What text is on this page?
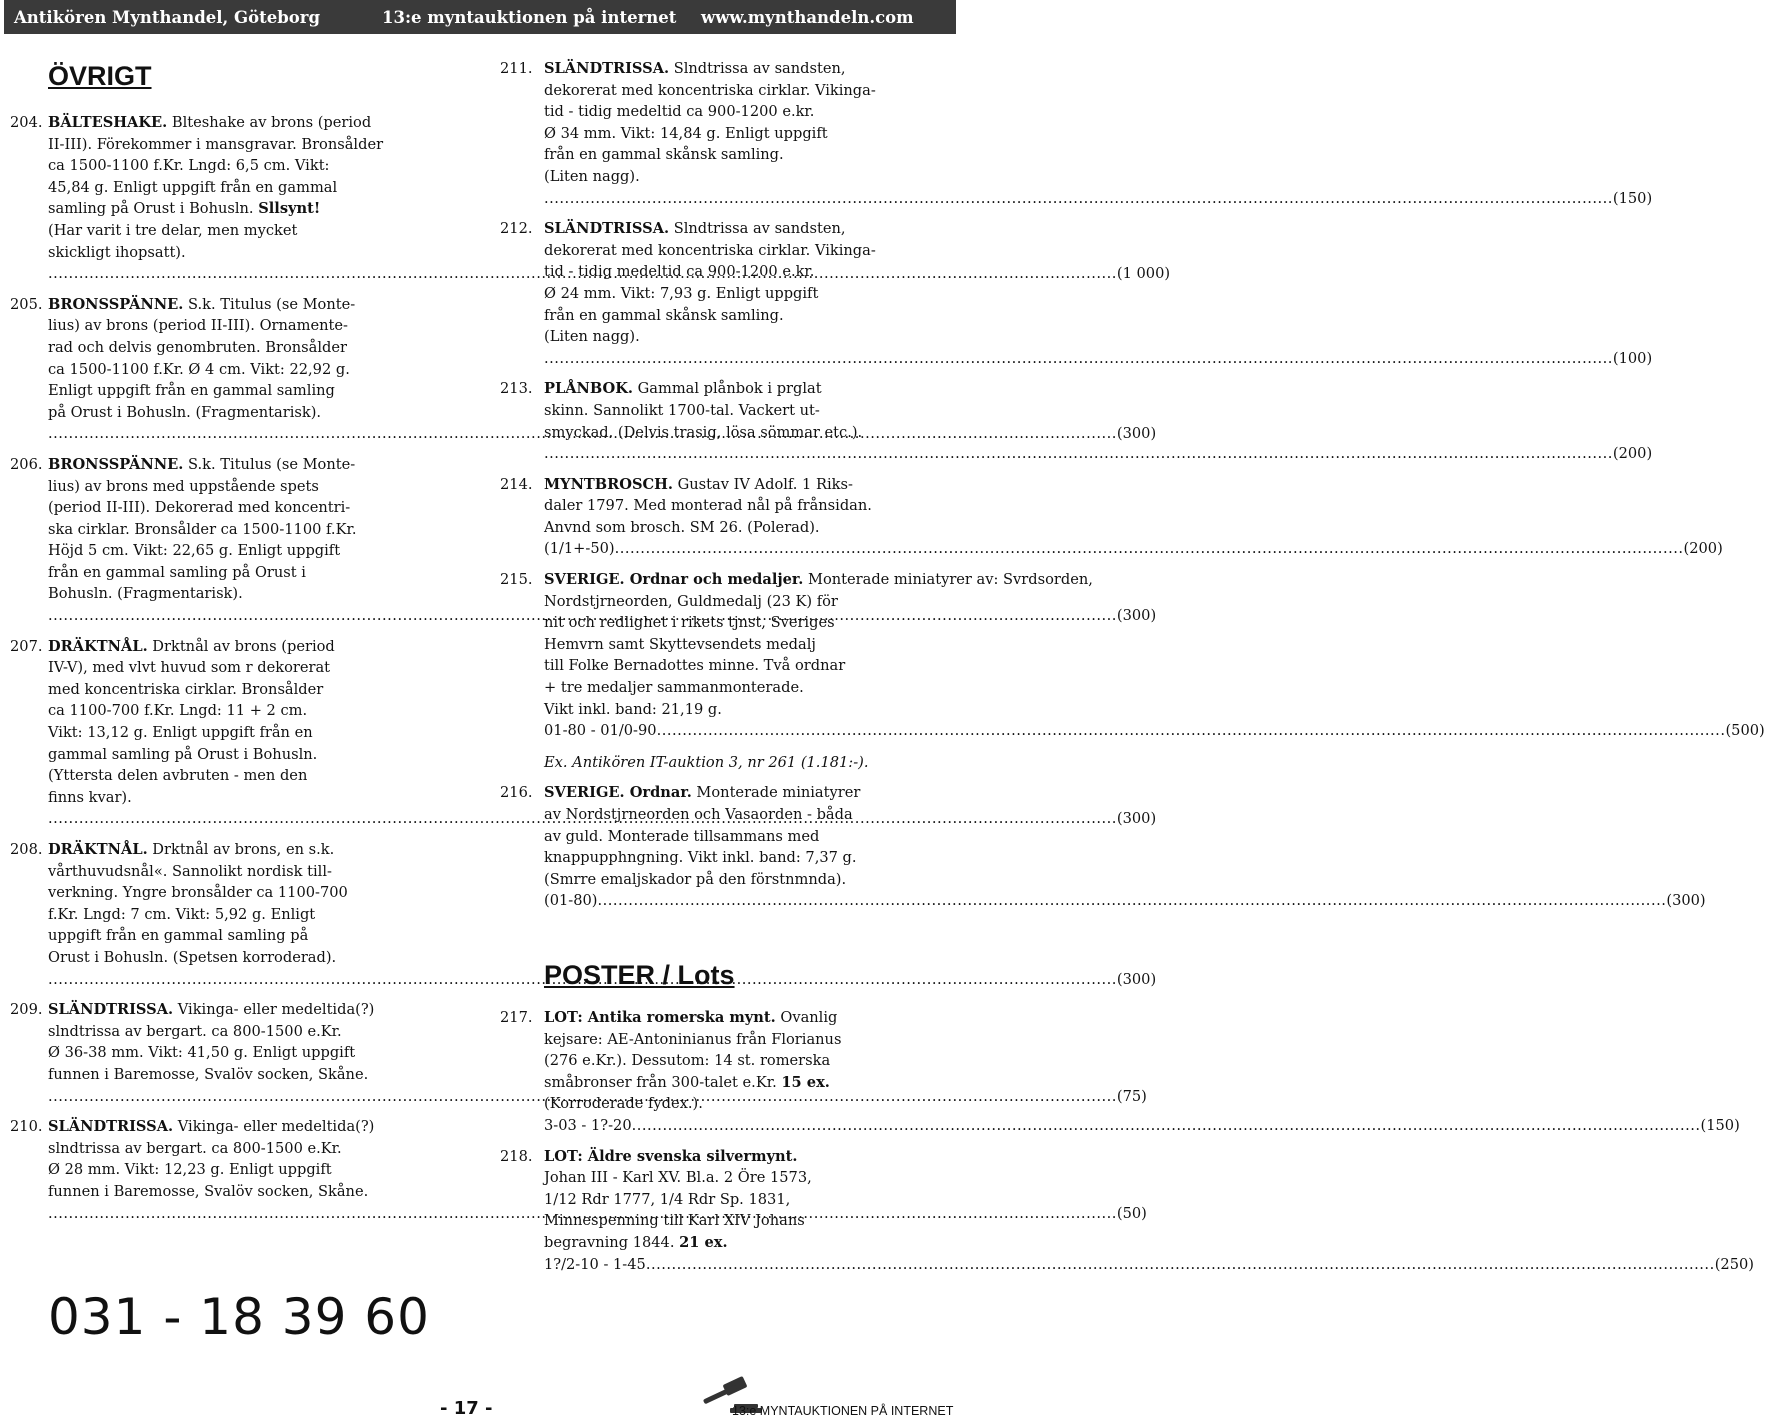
Antikören Mynthandel, Göteborg	13:e myntauktionen på internet www.mynthandeln.com
ÖVRIGT
204. BÄLTESHAKE. Blteshake av brons (period
II-III). Förekommer i mansgravar. Bronsålder
ca 1500-1100 f.Kr. Lngd: 6,5 cm. Vikt:
45,84 g. Enligt uppgift från en gammal
samling på Orust i Bohusln. Sllsynt!
(Har varit i tre delar, men mycket
skickligt ihopsatt).
.....
(1 000)
205. BRONSSPÄNNE. S.k. Titulus (se Monte-
lius) av brons (period II-III). Ornamente-
rad och delvis genombruten. Bronsålder
ca 1500-1100 f.Kr. Ø 4 cm. Vikt: 22,92 g.
Enligt uppgift från en gammal samling
på Orust i Bohusln. (Fragmentarisk).
.....
(300)
206. BRONSSPÄNNE. S.k. Titulus (se Monte-
lius) av brons med uppstående spets
(period II-III). Dekorerad med koncentri-
ska cirklar. Bronsålder ca 1500-1100 f.Kr.
Höjd 5 cm. Vikt: 22,65 g. Enligt uppgift
från en gammal samling på Orust i
Bohusln. (Fragmentarisk).
.....
(300)
207. DRÄKTNÅL. Drktnål av brons (period
IV-V), med vlvt huvud som r dekorerat
med koncentriska cirklar. Bronsålder
ca 1100-700 f.Kr. Lngd: 11 + 2 cm.
Vikt: 13,12 g. Enligt uppgift från en
gammal samling på Orust i Bohusln.
(Yttersta delen avbruten - men den
finns kvar).
.....
(300)
208. DRÄKTNÅL. Drktnål av brons, en s.k.
vårthuvudsnål«. Sannolikt nordisk till-
verkning. Yngre bronsålder ca 1100-700
f.Kr. Lngd: 7 cm. Vikt: 5,92 g. Enligt
uppgift från en gammal samling på
Orust i Bohusln. (Spetsen korroderad).
.....
(300)
209. SLÄNDTRISSA. Vikinga- eller medeltida(?)
slndtrissa av bergart. ca 800-1500 e.Kr.
Ø 36-38 mm. Vikt: 41,50 g. Enligt uppgift
funnen i Baremosse, Svalöv socken, Skåne.
.....
(75)
210. SLÄNDTRISSA. Vikinga- eller medeltida(?)
slndtrissa av bergart. ca 800-1500 e.Kr.
Ø 28 mm. Vikt: 12,23 g. Enligt uppgift
funnen i Baremosse, Svalöv socken, Skåne.
.....
(50)
211. SLÄNDTRISSA. Slndtrissa av sandsten,
dekorerat med koncentriska cirklar. Vikinga-
tid - tidig medeltid ca 900-1200 e.kr.
Ø 34 mm. Vikt: 14,84 g. Enligt uppgift
från en gammal skånsk samling.
(Liten nagg).
.....
(150)
212. SLÄNDTRISSA. Slndtrissa av sandsten,
dekorerat med koncentriska cirklar. Vikinga-
tid - tidig medeltid ca 900-1200 e.kr.
Ø 24 mm. Vikt: 7,93 g. Enligt uppgift
från en gammal skånsk samling.
(Liten nagg).
.....
(100)
213. PLÅNBOK. Gammal plånbok i prglat
skinn. Sannolikt 1700-tal. Vackert ut-
smyckad. (Delvis trasig, lösa sömmar etc.).
.....
(200)
214. MYNTBROSCH. Gustav IV Adolf. 1 Riks-
daler 1797. Med monterad nål på frånsidan.
Anvnd som brosch. SM 26. (Polerad).
(1/1+-50) .....	(200)
215. SVERIGE. Ordnar och medaljer. Monterade miniatyrer av: Svrdsorden,
Nordstjrneorden, Guldmedalj (23 K) för
nit och redlighet i rikets tjnst, Sveriges
Hemvrn samt Skyttevsendets medalj
till Folke Bernadottes minne. Två ordnar
+ tre medaljer sammanmonterade.
Vikt inkl. band: 21,19 g.
01-80 - 01/0-90 .....	(500)
Ex. Antikören IT-auktion 3, nr 261 (1.181:-).
216. SVERIGE. Ordnar. Monterade miniatyrer
av Nordstjrneorden och Vasaorden - båda
av guld. Monterade tillsammans med
knappupphngning. Vikt inkl. band: 7,37 g.
(Smrre emaljskador på den förstnmnda).
(01-80) .....	(300)
POSTER / Lots
217. LOT: Antika romerska mynt. Ovanlig
kejsare: AE-Antoninianus från Florianus
(276 e.Kr.). Dessutom: 14 st. romerska
småbronser från 300-talet e.Kr. 15 ex.
(Korroderade fydex.).
3-03 - 1?-20 .....	(150)
218. LOT: Äldre svenska silvermynt.
Johan III - Karl XV. Bl.a. 2 Öre 1573,
1/12 Rdr 1777, 1/4 Rdr Sp. 1831,
Minnespenning till Karl XIV Johans
begravning 1844. 21 ex.
1?/2-10 - 1-45 .....	(250)
031 - 18 39 60
- 17 -	13:e MYNTAUKTIONEN PÅ INTERNET
